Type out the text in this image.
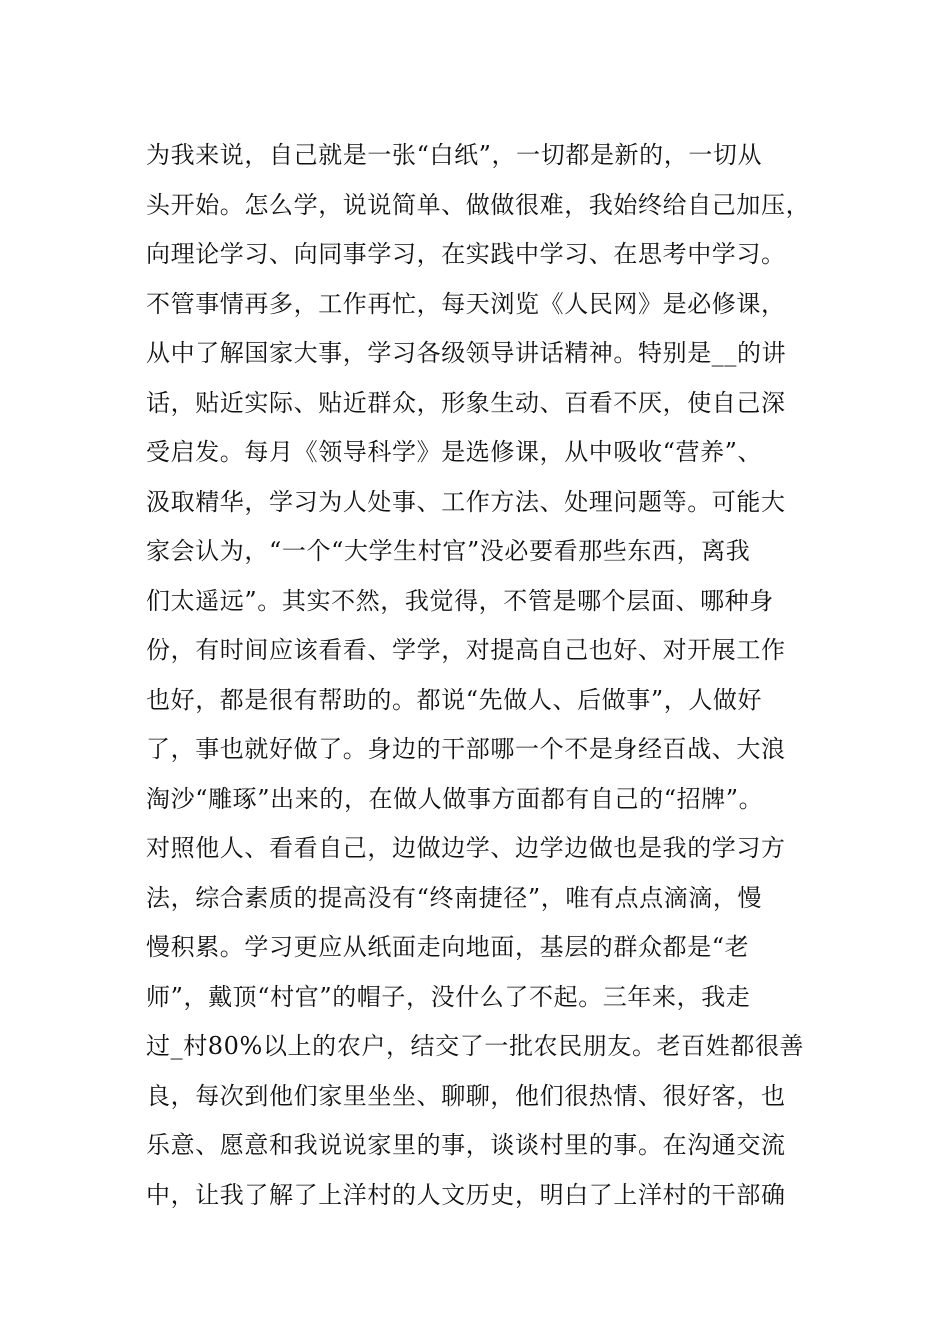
为我来说，自己就是一张“白纸”，一切都是新的，一切从
头开始。怎么学，说说简单、做做很难，我始终给自己加压，
向理论学习、向同事学习，在实践中学习、在思考中学习。
不管事情再多，工作再忙，每天浏览《人民网》是必修课，
从中了解国家大事，学习各级领导讲话精神。特别是__的讲
话，贴近实际、贴近群众，形象生动、百看不厌，使自己深
受启发。每月《领导科学》是选修课，从中吸收“营养”、
汲取精华，学习为人处事、工作方法、处理问题等。可能大
家会认为，“一个“大学生村官”没必要看那些东西，离我
们太遥远”。其实不然，我觉得，不管是哪个层面、哪种身
份，有时间应该看看、学学，对提高自己也好、对开展工作
也好，都是很有帮助的。都说“先做人、后做事”，人做好
了，事也就好做了。身边的干部哪一个不是身经百战、大浪
淘沙“雕琢”出来的，在做人做事方面都有自己的“招牌”。
对照他人、看看自己，边做边学、边学边做也是我的学习方
法，综合素质的提高没有“终南捷径”，唯有点点滴滴，慢
慢积累。学习更应从纸面走向地面，基层的群众都是“老
师”，戴顶“村官”的帽子，没什么了不起。三年来，我走
过_村80%以上的农户，结交了一批农民朋友。老百姓都很善
良，每次到他们家里坐坐、聊聊，他们很热情、很好客，也
乐意、愿意和我说说家里的事，谈谈村里的事。在沟通交流
中，让我了解了上洋村的人文历史，明白了上洋村的干部确
